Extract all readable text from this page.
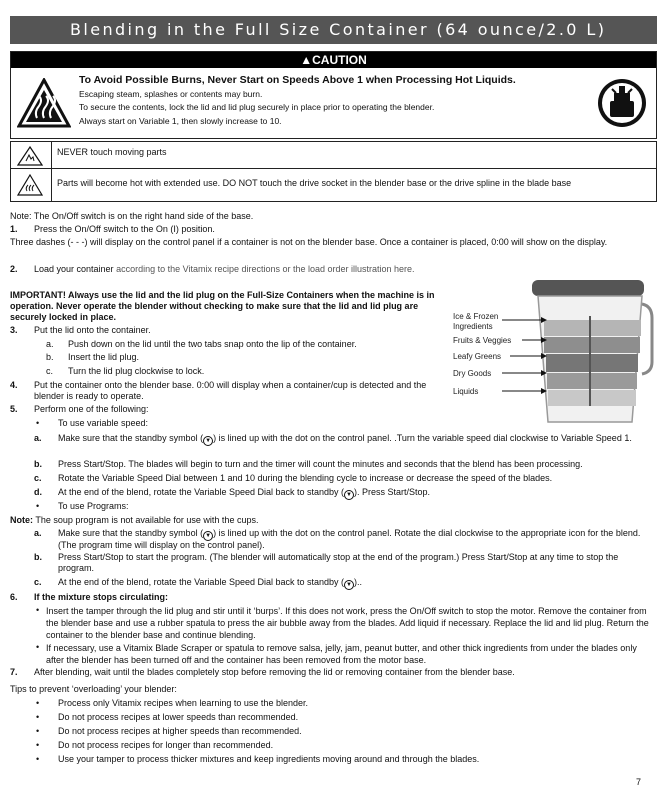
Blending in the Full Size Container (64 ounce/2.0 L)
▲CAUTION
To Avoid Possible Burns, Never Start on Speeds Above 1 when Processing Hot Liquids.
Escaping steam, splashes or contents may burn.
To secure the contents, lock the lid and lid plug securely in place prior to operating the blender.
Always start on Variable 1, then slowly increase to 10.
NEVER touch moving parts
Parts will become hot with extended use. DO NOT touch the drive socket in the blender base or the drive spline in the blade base
Note: The On/Off switch is on the right hand side of the base.
1. Press the On/Off switch to the On (I) position.
Three dashes (- - -) will display on the control panel if a container is not on the blender base. Once a container is placed, 0:00 will show on the display.
2. Load your container according to the Vitamix recipe directions or the load order illustration here.
IMPORTANT! Always use the lid and the lid plug on the Full-Size Containers when the machine is in operation. Never operate the blender without checking to make sure that the lid and lid plug are securely locked in place.
3. Put the lid onto the container.
a. Push down on the lid until the two tabs snap onto the lip of the container.
b. Insert the lid plug.
c. Turn the lid plug clockwise to lock.
4. Put the container onto the blender base. 0:00 will display when a container/cup is detected and the blender is ready to operate.
5. Perform one of the following:
• To use variable speed:
a. Make sure that the standby symbol ( ▼ ) is lined up with the dot on the control panel. .Turn the variable speed dial clockwise to Variable Speed 1.
b. Press Start/Stop. The blades will begin to turn and the timer will count the minutes and seconds that the blend has been processing.
c. Rotate the Variable Speed Dial between 1 and 10 during the blending cycle to increase or decrease the speed of the blades.
d. At the end of the blend, rotate the Variable Speed Dial back to standby ( ▼ ). Press Start/Stop.
• To use Programs:
Note: The soup program is not available for use with the cups.
a. Make sure that the standby symbol ( ▼ ) is lined up with the dot on the control panel. Rotate the dial clockwise to the appropriate icon for the blend. (The program time will display on the control panel).
b. Press Start/Stop to start the program. (The blender will automatically stop at the end of the program.) Press Start/Stop at any time to stop the program.
c. At the end of the blend, rotate the Variable Speed Dial back to standby ( ▼ )..
6. If the mixture stops circulating:
• Insert the tamper through the lid plug and stir until it ‘burps’. If this does not work, press the On/Off switch to stop the motor. Remove the container from the blender base and use a rubber spatula to press the air bubble away from the blades. Add liquid if necessary. Replace the lid and lid plug. Return the container to the blender base and continue blending.
• If necessary, use a Vitamix Blade Scraper or spatula to remove salsa, jelly, jam, peanut butter, and other thick ingredients from under the blades only after the blender has been turned off and the container has been removed from the motor base.
7. After blending, wait until the blades completely stop before removing the lid or removing container from the blender base.
Tips to prevent ‘overloading’ your blender:
• Process only Vitamix recipes when learning to use the blender.
• Do not process recipes at lower speeds than recommended.
• Do not process recipes at higher speeds than recommended.
• Do not process recipes for longer than recommended.
• Use your tamper to process thicker mixtures and keep ingredients moving around and through the blades.
7
Ice & Frozen Ingredients
Fruits & Veggies
Leafy Greens
Dry Goods
Liquids
